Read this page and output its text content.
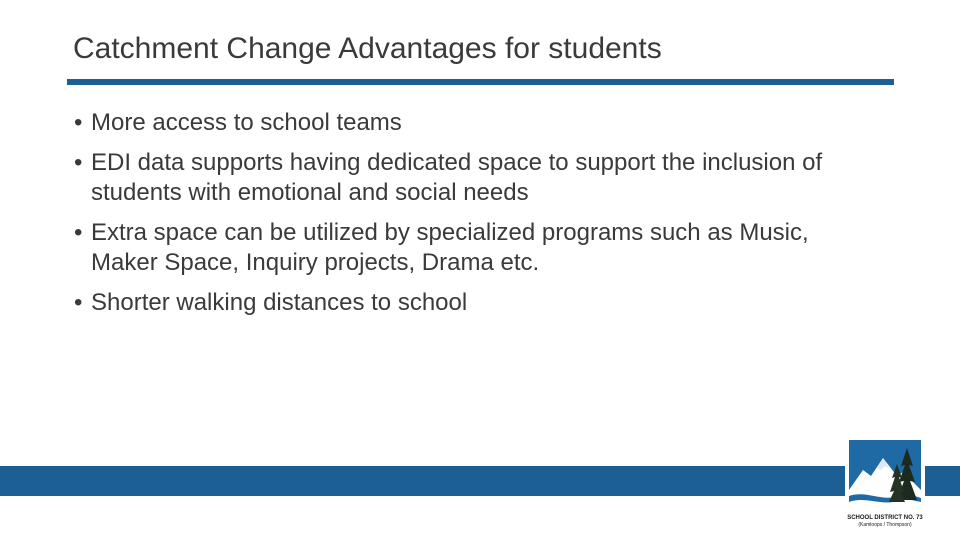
Catchment Change Advantages for students
• More access to school teams
• EDI data supports having dedicated space to support the inclusion of students with emotional and social needs
• Extra space can be utilized by specialized programs such as Music, Maker Space, Inquiry projects, Drama etc.
• Shorter walking distances to school
SCHOOL DISTRICT NO. 73
(Kamloops / Thompson)
